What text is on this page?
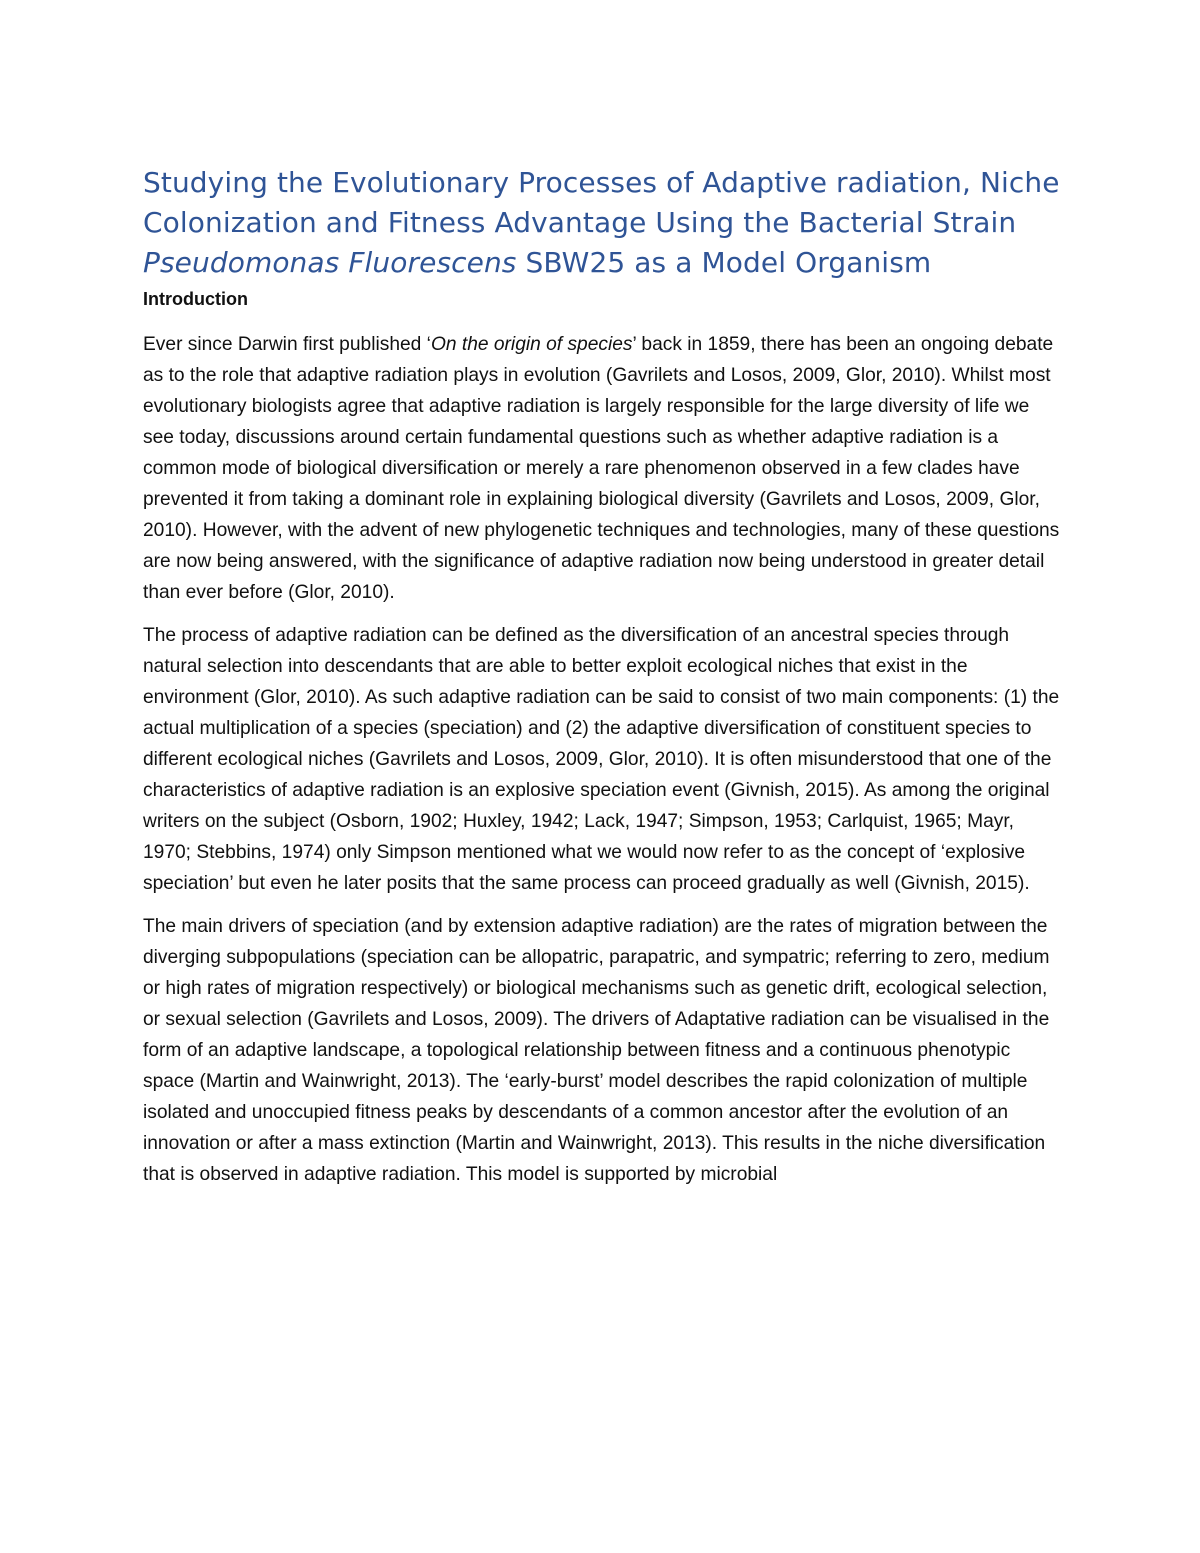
Studying the Evolutionary Processes of Adaptive radiation, Niche Colonization and Fitness Advantage Using the Bacterial Strain Pseudomonas Fluorescens SBW25 as a Model Organism
Introduction

Ever since Darwin first published ‘On the origin of species’ back in 1859, there has been an ongoing debate as to the role that adaptive radiation plays in evolution (Gavrilets and Losos, 2009, Glor, 2010). Whilst most evolutionary biologists agree that adaptive radiation is largely responsible for the large diversity of life we see today, discussions around certain fundamental questions such as whether adaptive radiation is a common mode of biological diversification or merely a rare phenomenon observed in a few clades have prevented it from taking a dominant role in explaining biological diversity (Gavrilets and Losos, 2009, Glor, 2010). However, with the advent of new phylogenetic techniques and technologies, many of these questions are now being answered, with the significance of adaptive radiation now being understood in greater detail than ever before (Glor, 2010).

The process of adaptive radiation can be defined as the diversification of an ancestral species through natural selection into descendants that are able to better exploit ecological niches that exist in the environment (Glor, 2010). As such adaptive radiation can be said to consist of two main components: (1) the actual multiplication of a species (speciation) and (2) the adaptive diversification of constituent species to different ecological niches (Gavrilets and Losos, 2009, Glor, 2010). It is often misunderstood that one of the characteristics of adaptive radiation is an explosive speciation event (Givnish, 2015). As among the original writers on the subject (Osborn, 1902; Huxley, 1942; Lack, 1947; Simpson, 1953; Carlquist, 1965; Mayr, 1970; Stebbins, 1974) only Simpson mentioned what we would now refer to as the concept of ‘explosive speciation’ but even he later posits that the same process can proceed gradually as well (Givnish, 2015).

The main drivers of speciation (and by extension adaptive radiation) are the rates of migration between the diverging subpopulations (speciation can be allopatric, parapatric, and sympatric; referring to zero, medium or high rates of migration respectively) or biological mechanisms such as genetic drift, ecological selection, or sexual selection (Gavrilets and Losos, 2009). The drivers of Adaptative radiation can be visualised in the form of an adaptive landscape, a topological relationship between fitness and a continuous phenotypic space (Martin and Wainwright, 2013). The ‘early-burst’ model describes the rapid colonization of multiple isolated and unoccupied fitness peaks by descendants of a common ancestor after the evolution of an innovation or after a mass extinction (Martin and Wainwright, 2013). This results in the niche diversification that is observed in adaptive radiation. This model is supported by microbial
